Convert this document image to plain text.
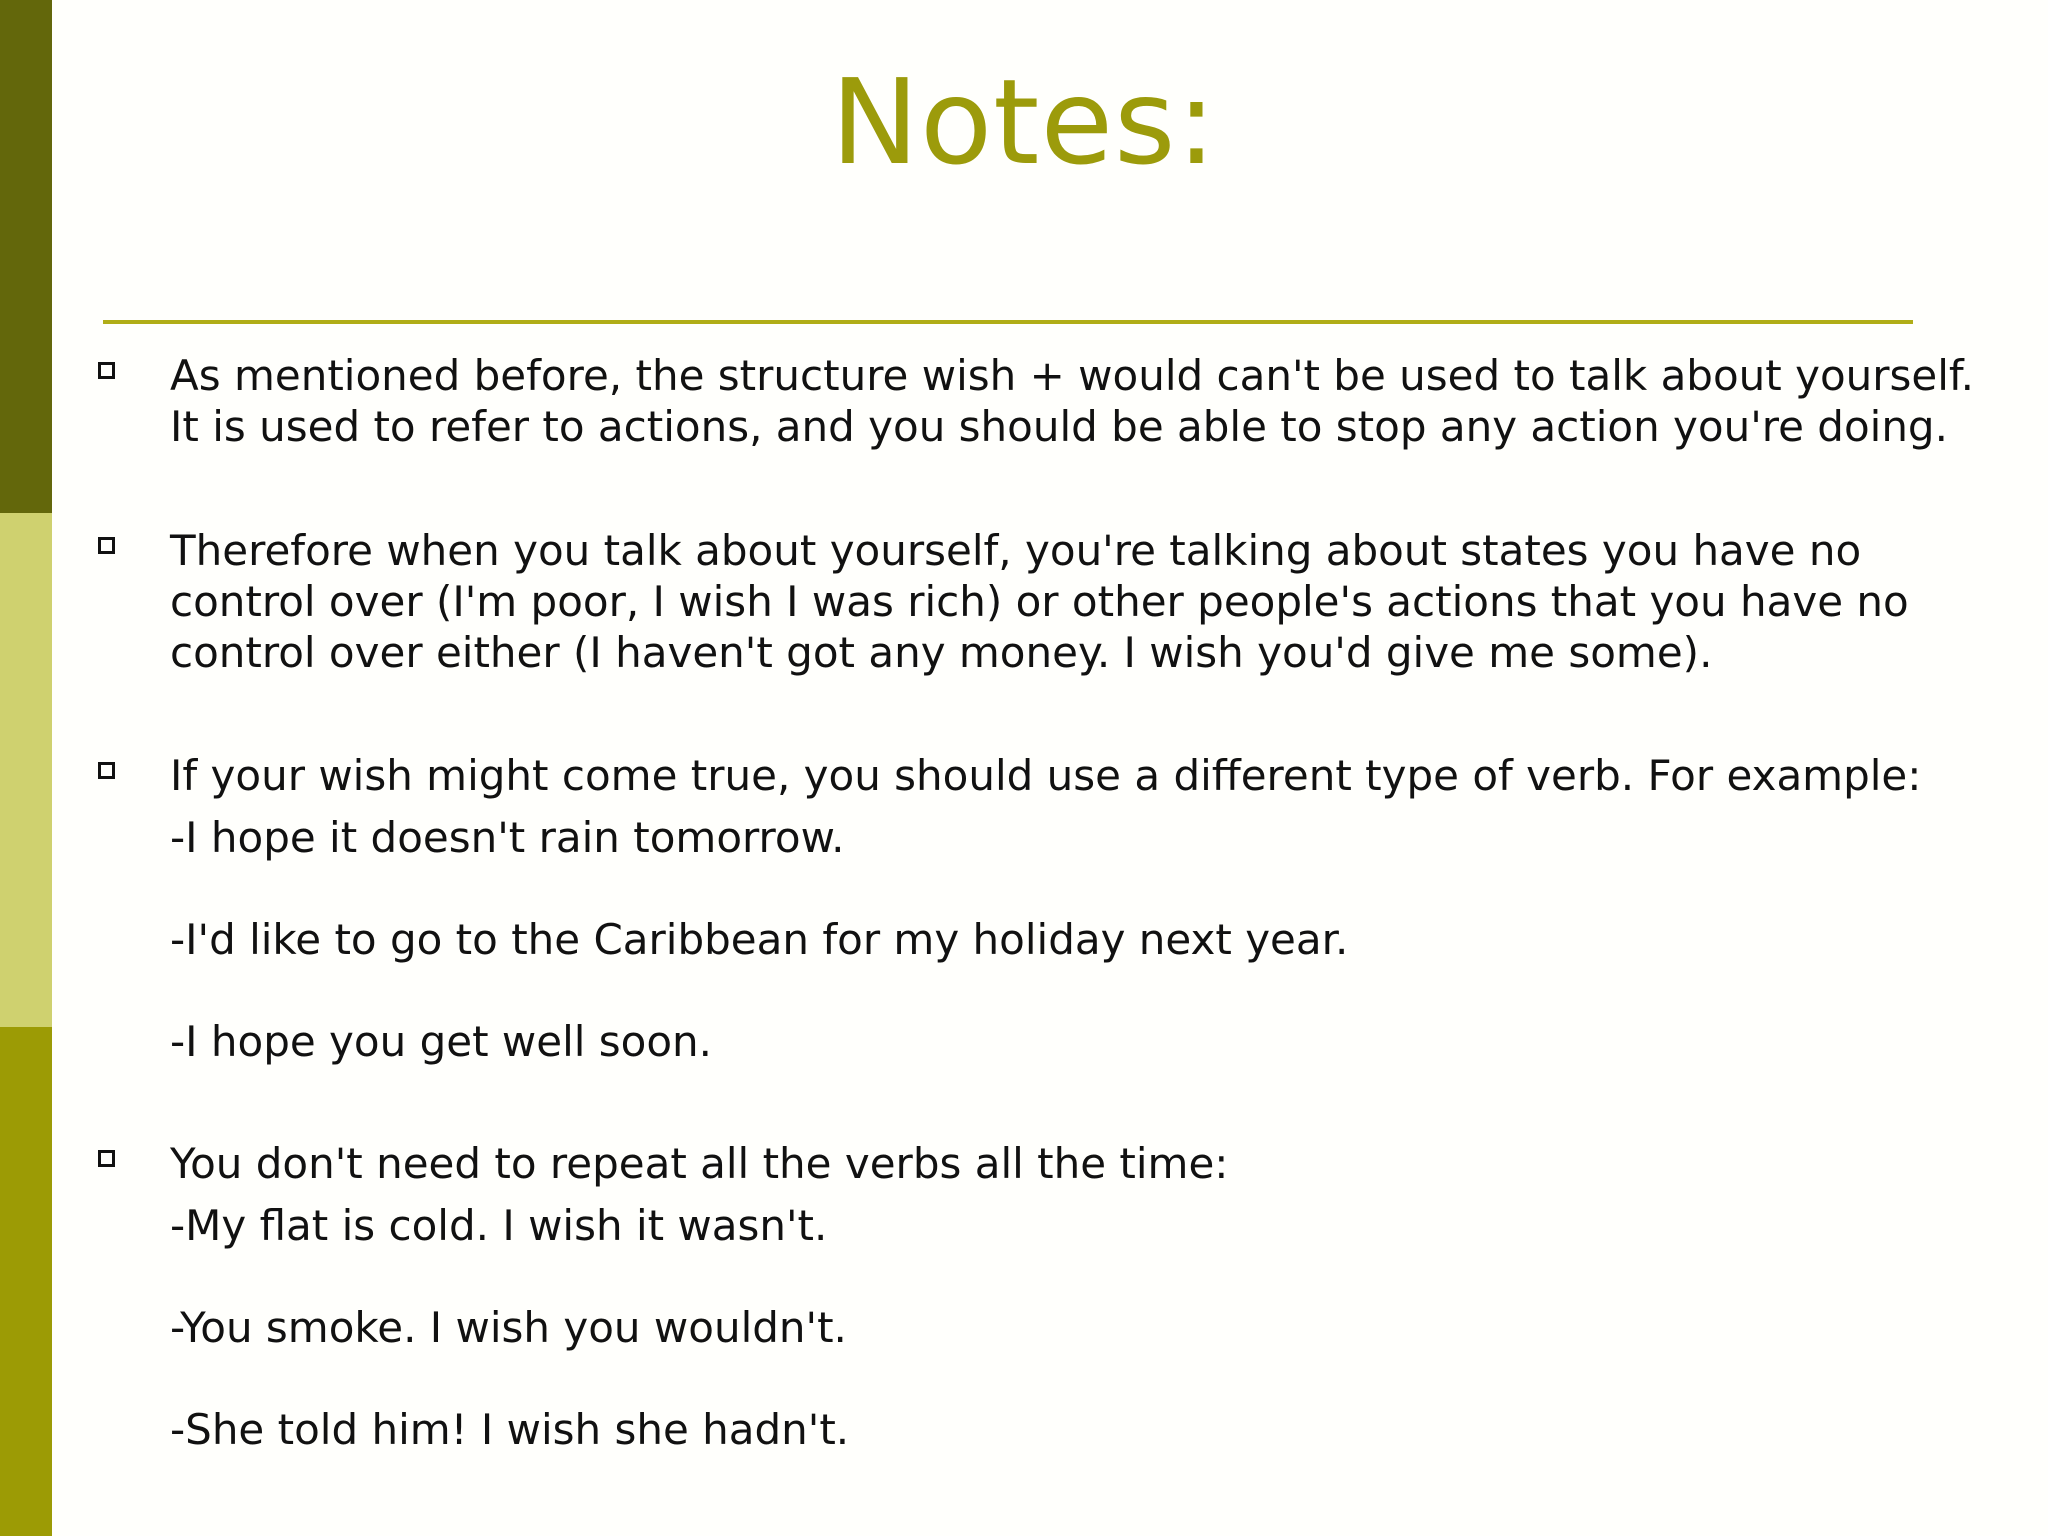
Notes:
As mentioned before, the structure wish + would can't be used to talk about yourself.
It is used to refer to actions, and you should be able to stop any action you're doing.
Therefore when you talk about yourself, you're talking about states you have no
control over (I'm poor, I wish I was rich) or other people's actions that you have no
control over either (I haven't got any money. I wish you'd give me some).
If your wish might come true, you should use a different type of verb. For example:
-I hope it doesn't rain tomorrow.
-I'd like to go to the Caribbean for my holiday next year.
-I hope you get well soon.
You don't need to repeat all the verbs all the time:
-My flat is cold. I wish it wasn't.
-You smoke. I wish you wouldn't.
-She told him! I wish she hadn't.
